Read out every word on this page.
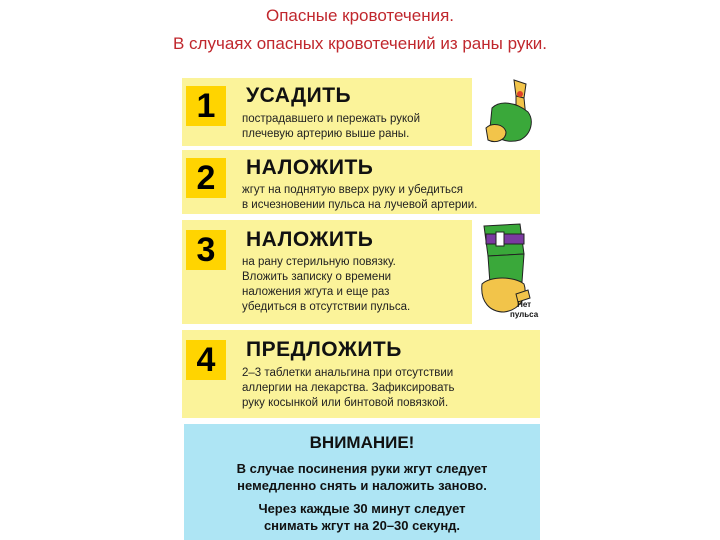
Опасные кровотечения.
В случаях опасных кровотечений из раны руки.
1	УСАДИТЬ
пострадавшего и пережать рукой
плечевую артерию выше раны.
2	НАЛОЖИТЬ
жгут на поднятую вверх руку и убедиться
в исчезновении пульса на лучевой артерии.
3	НАЛОЖИТЬ
на рану стерильную повязку.
Вложить записку о времени
наложения жгута и еще раз
убедиться в отсутствии пульса.
4	ПРЕДЛОЖИТЬ
2–3 таблетки анальгина при отсутствии
аллергии на лекарства. Зафиксировать
руку косынкой или бинтовой повязкой.
Нет
пульса
ВНИМАНИЕ!
В случае посинения руки жгут следует
немедленно снять и наложить заново.
Через каждые 30 минут следует
снимать жгут на 20–30 секунд.
